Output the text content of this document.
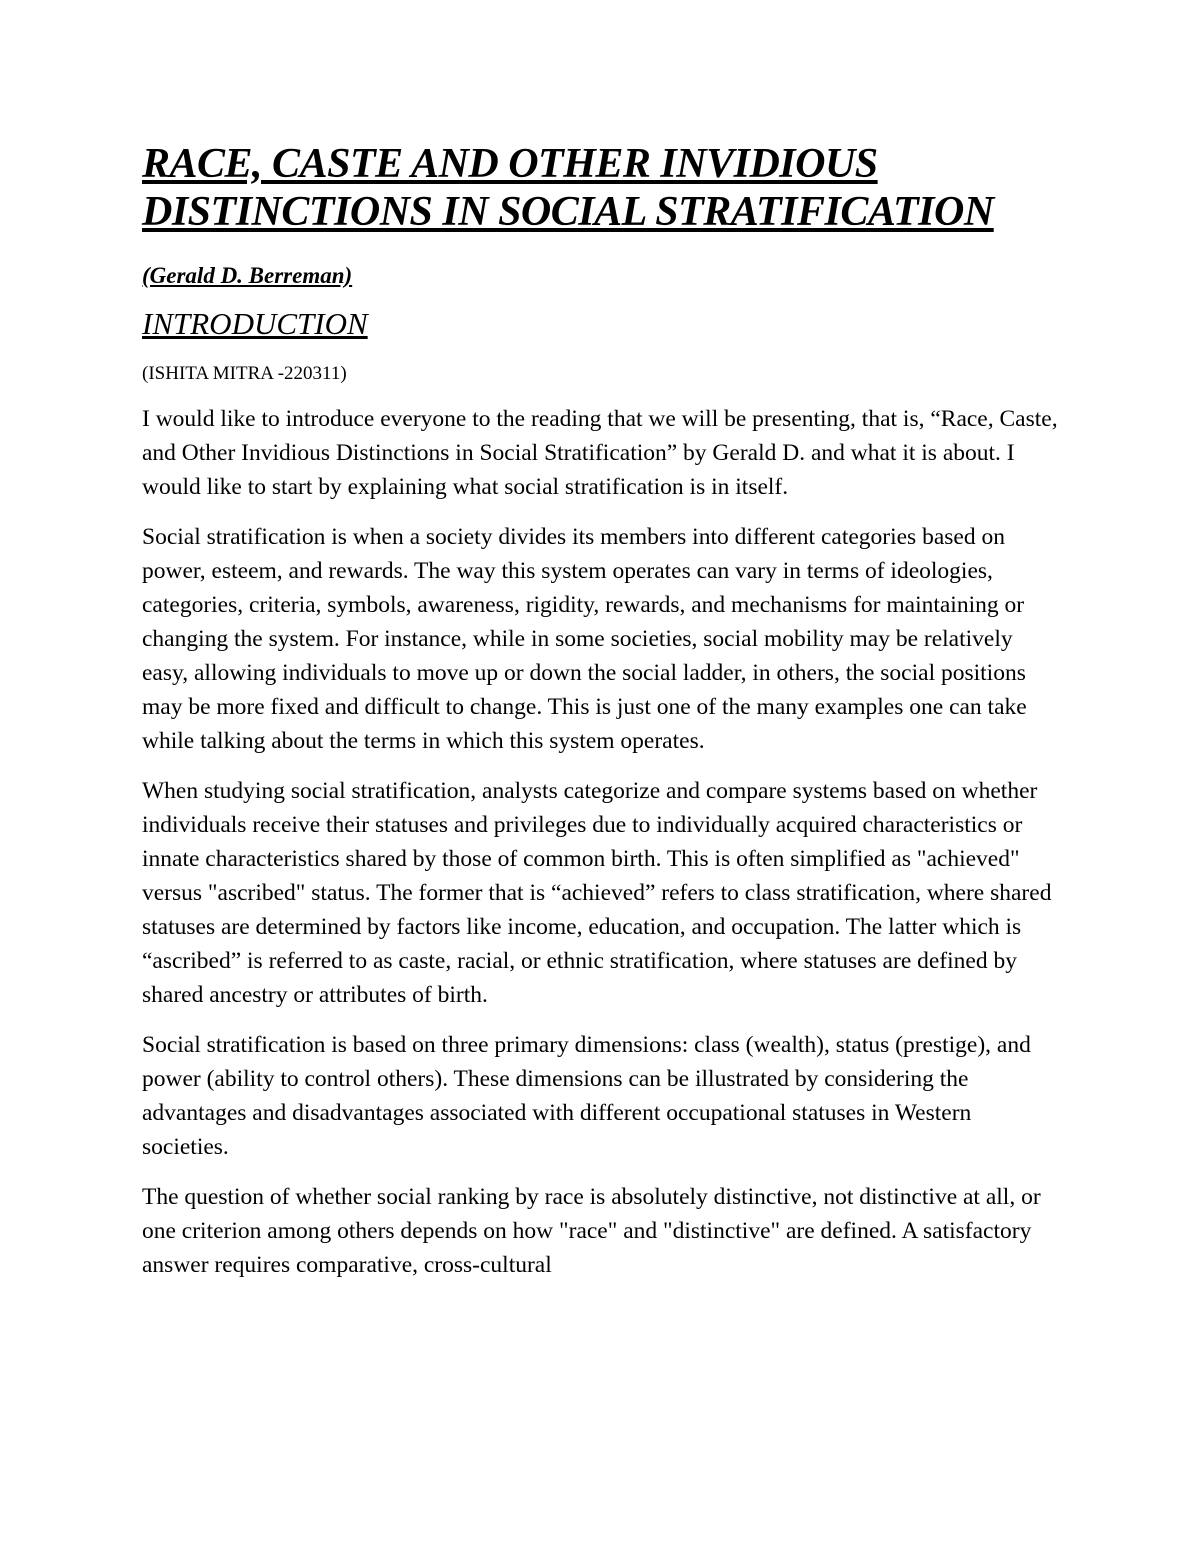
RACE, CASTE AND OTHER INVIDIOUS
DISTINCTIONS IN SOCIAL STRATIFICATION

(Gerald D. Berreman)

INTRODUCTION

(ISHITA MITRA -220311)

I would like to introduce everyone to the reading that we will be presenting, that is, “Race, Caste, and Other Invidious Distinctions in Social Stratification” by Gerald D. and what it is about. I would like to start by explaining what social stratification is in itself.

Social stratification is when a society divides its members into different categories based on power, esteem, and rewards. The way this system operates can vary in terms of ideologies, categories, criteria, symbols, awareness, rigidity, rewards, and mechanisms for maintaining or changing the system. For instance, while in some societies, social mobility may be relatively easy, allowing individuals to move up or down the social ladder, in others, the social positions may be more fixed and difficult to change. This is just one of the many examples one can take while talking about the terms in which this system operates.

When studying social stratification, analysts categorize and compare systems based on whether individuals receive their statuses and privileges due to individually acquired characteristics or innate characteristics shared by those of common birth. This is often simplified as "achieved" versus "ascribed" status. The former that is “achieved” refers to class stratification, where shared statuses are determined by factors like income, education, and occupation. The latter which is “ascribed” is referred to as caste, racial, or ethnic stratification, where statuses are defined by shared ancestry or attributes of birth.

Social stratification is based on three primary dimensions: class (wealth), status (prestige), and power (ability to control others). These dimensions can be illustrated by considering the advantages and disadvantages associated with different occupational statuses in Western societies.

The question of whether social ranking by race is absolutely distinctive, not distinctive at all, or one criterion among others depends on how "race" and "distinctive" are defined. A satisfactory answer requires comparative, cross-cultural
